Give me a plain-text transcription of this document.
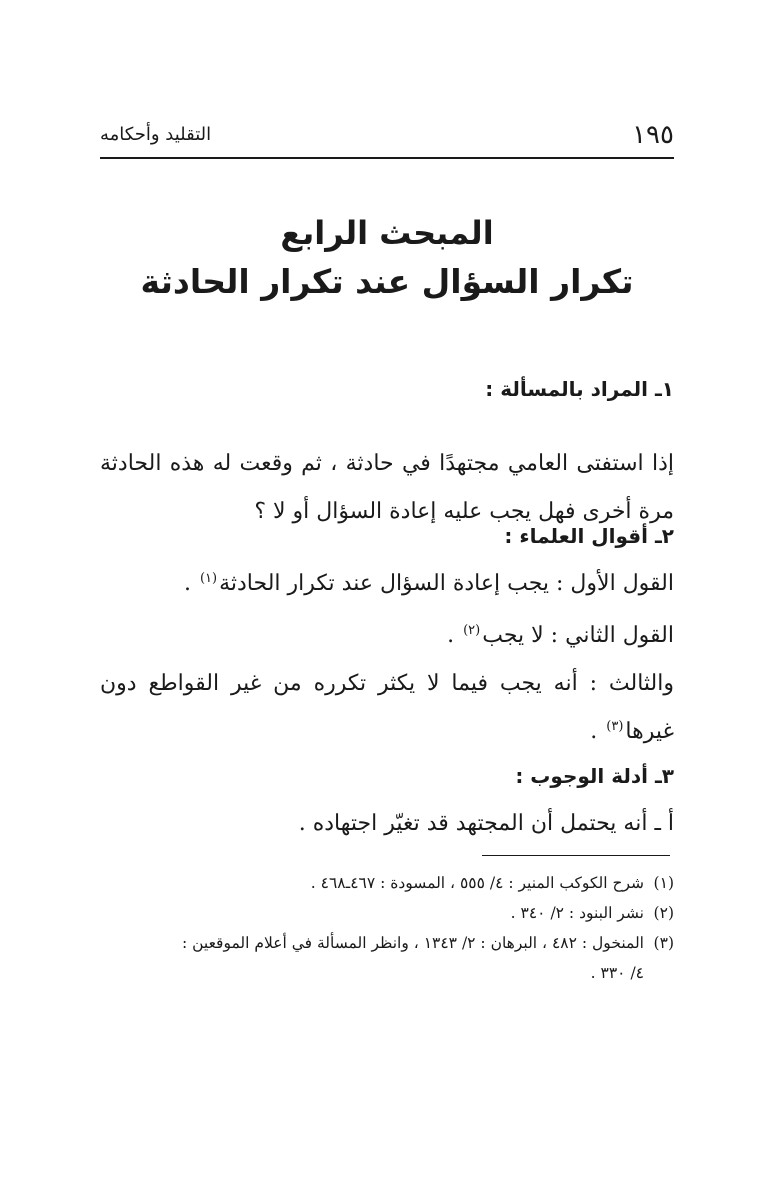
١٩٥
التقليد وأحكامه
المبحث الرابع
تكرار السؤال عند تكرار الحادثة
١ـ المراد بالمسألة :
إذا استفتى العامي مجتهدًا في حادثة ، ثم وقعت له هذه الحادثة مرة أخرى فهل يجب عليه إعادة السؤال أو لا ؟
٢ـ أقوال العلماء :
القول الأول : يجب إعادة السؤال عند تكرار الحادثة$^{(١)}$ .
القول الثاني : لا يجب$^{(٢)}$ .
والثالث : أنه يجب فيما لا يكثر تكرره من غير القواطع دون غيرها$^{(٣)}$ .
٣ـ أدلة الوجوب :
أ ـ أنه يحتمل أن المجتهد قد تغيّر اجتهاده .
(١)شرح الكوكب المنير : ٤/ ٥٥٥ ، المسودة : ٤٦٧ـ٤٦٨ .
(٢)نشر البنود : ٢/ ٣٤٠ .
(٣)المنخول : ٤٨٢ ، البرهان : ٢/ ١٣٤٣ ، وانظر المسألة في أعلام الموقعين :
٤/ ٣٣٠ .
